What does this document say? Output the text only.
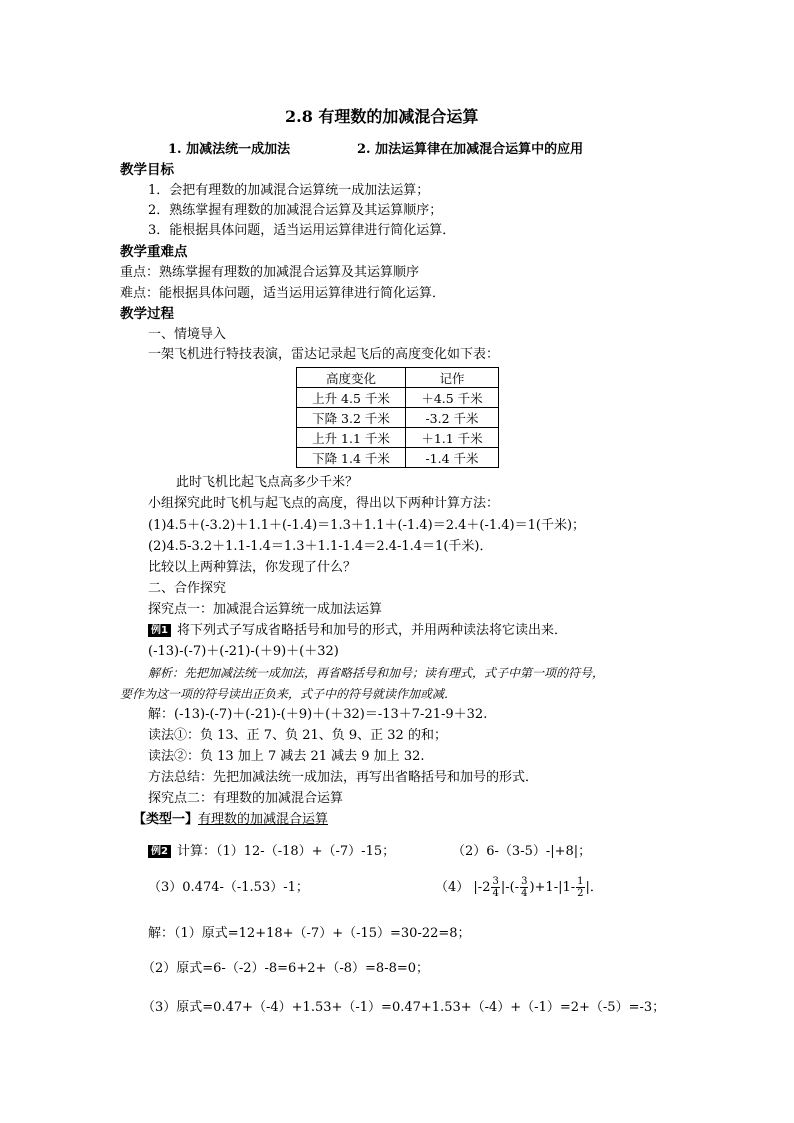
2.8 有理数的加减混合运算
1. 加减法统一成加法	2. 加法运算律在加减混合运算中的应用
教学目标
1．会把有理数的加减混合运算统一成加法运算；
2．熟练掌握有理数的加减混合运算及其运算顺序；
3．能根据具体问题，适当运用运算律进行简化运算．
教学重难点
重点：熟练掌握有理数的加减混合运算及其运算顺序
难点：能根据具体问题，适当运用运算律进行简化运算．
教学过程
一、情境导入
一架飞机进行特技表演，雷达记录起飞后的高度变化如下表：
高度变化	记作
上升 4.5 千米	＋4.5 千米
下降 3.2 千米	-3.2 千米
上升 1.1 千米	＋1.1 千米
下降 1.4 千米	-1.4 千米
此时飞机比起飞点高多少千米？
小组探究此时飞机与起飞点的高度，得出以下两种计算方法：
(1)4.5＋(-3.2)＋1.1＋(-1.4)＝1.3＋1.1＋(-1.4)＝2.4＋(-1.4)＝1(千米)；
(2)4.5-3.2＋1.1-1.4＝1.3＋1.1-1.4＝2.4-1.4＝1(千米)．
比较以上两种算法，你发现了什么？
二、合作探究
探究点一：加减混合运算统一成加法运算
例1 将下列式子写成省略括号和加号的形式，并用两种读法将它读出来．
(-13)-(-7)＋(-21)-(＋9)＋(＋32)
解析：先把加减法统一成加法，再省略括号和加号；读有理式，式子中第一项的符号，
要作为这一项的符号读出正负来，式子中的符号就读作加或减．
解：(-13)-(-7)＋(-21)-(＋9)＋(＋32)＝-13＋7-21-9＋32.
读法①：负 13、正 7、负 21、负 9、正 32 的和；
读法②：负 13 加上 7 减去 21 减去 9 加上 32.
方法总结：先把加减法统一成加法，再写出省略括号和加号的形式．
探究点二：有理数的加减混合运算
【类型一】有理数的加减混合运算
例2 计算：（1）12-（-18）+（-7）-15；	（2）6-（3-5）-|+8|；
（3）0.474-（-1.53）-1；	（4） $|-2 \frac{3}{4}$ |-(- $\frac{3}{4} )+1-|1- \frac{1}{2}$ |．
解：（1）原式=12+18+（-7）+（-15）=30-22=8；
（2）原式=6-（-2）-8=6+2+（-8）=8-8=0；
（3）原式=0.47+（-4）+1.53+（-1）=0.47+1.53+（-4）+（-1）=2+（-5）=-3；
